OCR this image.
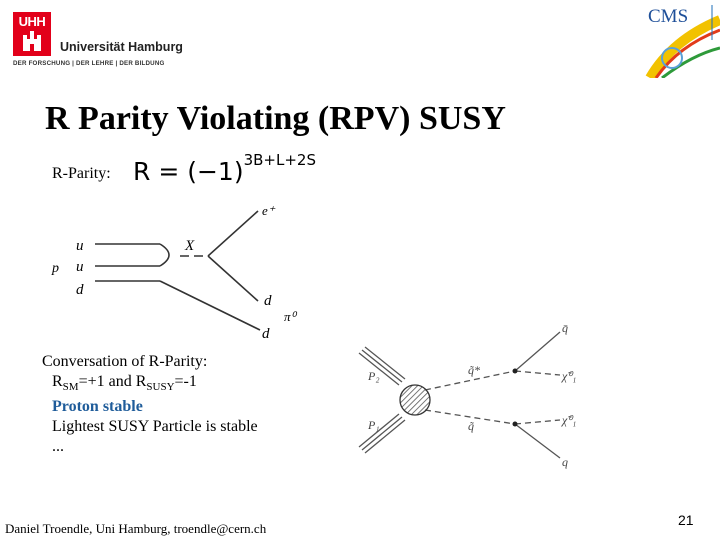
UHH
Universität Hamburg
DER FORSCHUNG | DER LEHRE | DER BILDUNG
CMS
R Parity Violating (RPV) SUSY
R-Parity: $R = (-1)^{3B+L+2S}$
u
u
d
p
X
e⁺
d
d
π⁰
P₂
P₁
q̃*
q̃
q̄
q
χ̃⁰₁
χ̃⁰₁
Conversation of R-Parity:
$R_{SM}=+1$ and $R_{SUSY}=-1$
Proton stable
Lightest SUSY Particle is stable
...
Daniel Troendle, Uni Hamburg, troendle@cern.ch
21
